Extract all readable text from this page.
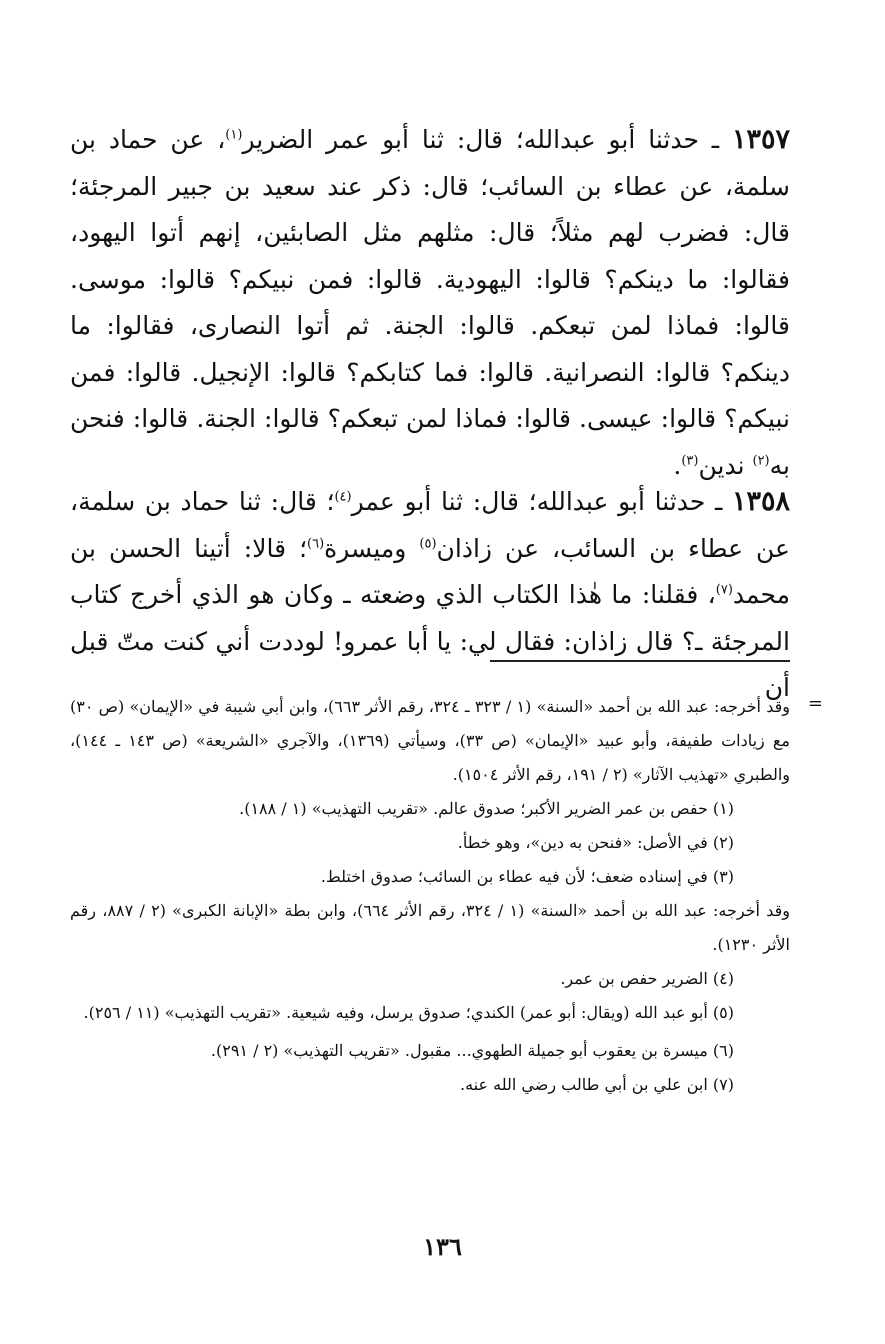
١٣٥٧ ـ حدثنا أبو عبدالله؛ قال: ثنا أبو عمر الضرير$^{(١)}$، عن حماد بن سلمة، عن عطاء بن السائب؛ قال: ذكر عند سعيد بن جبير المرجئة؛ قال: فضرب لهم مثلاً؛ قال: مثلهم مثل الصابئين، إنهم أتوا اليهود، فقالوا: ما دينكم؟ قالوا: اليهودية. قالوا: فمن نبيكم؟ قالوا: موسى. قالوا: فماذا لمن تبعكم. قالوا: الجنة. ثم أتوا النصارى، فقالوا: ما دينكم؟ قالوا: النصرانية. قالوا: فما كتابكم؟ قالوا: الإنجيل. قالوا: فمن نبيكم؟ قالوا: عيسى. قالوا: فماذا لمن تبعكم؟ قالوا: الجنة. قالوا: فنحن به$^{(٢)}$ ندين$^{(٣)}$.

١٣٥٨ ـ حدثنا أبو عبدالله؛ قال: ثنا أبو عمر$^{(٤)}$؛ قال: ثنا حماد بن سلمة، عن عطاء بن السائب، عن زاذان$^{(٥)}$ وميسرة$^{(٦)}$؛ قالا: أتينا الحسن بن محمد$^{(٧)}$، فقلنا: ما هٰذا الكتاب الذي وضعته ـ وكان هو الذي أخرج كتاب المرجئة ـ؟ قال زاذان: فقال لي: يا أبا عمرو! لوددت أني كنت متّ قبل أن

=

وقد أخرجه: عبد الله بن أحمد «السنة» (١ / ٣٢٣ ـ ٣٢٤، رقم الأثر ٦٦٣)، وابن أبي شيبة في «الإيمان» (ص ٣٠) مع زيادات طفيفة، وأبو عبيد «الإيمان» (ص ٣٣)، وسيأتي (١٣٦٩)، والآجري «الشريعة» (ص ١٤٣ ـ ١٤٤)، والطبري «تهذيب الآثار» (٢ / ١٩١، رقم الأثر ١٥٠٤).

(١) حفص بن عمر الضرير الأكبر؛ صدوق عالم. «تقريب التهذيب» (١ / ١٨٨).

(٢) في الأصل: «فنحن به دين»، وهو خطأ.

(٣) في إسناده ضعف؛ لأن فيه عطاء بن السائب؛ صدوق اختلط.

وقد أخرجه: عبد الله بن أحمد «السنة» (١ / ٣٢٤، رقم الأثر ٦٦٤)، وابن بطة «الإبانة الكبرى» (٢ / ٨٨٧، رقم الأثر ١٢٣٠).

(٤) الضرير حفص بن عمر.

(٥) أبو عبد الله (ويقال: أبو عمر) الكندي؛ صدوق يرسل، وفيه شيعية. «تقريب التهذيب» (١١ / ٢٥٦).

(٦) ميسرة بن يعقوب أبو جميلة الطهوي... مقبول. «تقريب التهذيب» (٢ / ٢٩١).

(٧) ابن علي بن أبي طالب رضي الله عنه.

١٣٦
